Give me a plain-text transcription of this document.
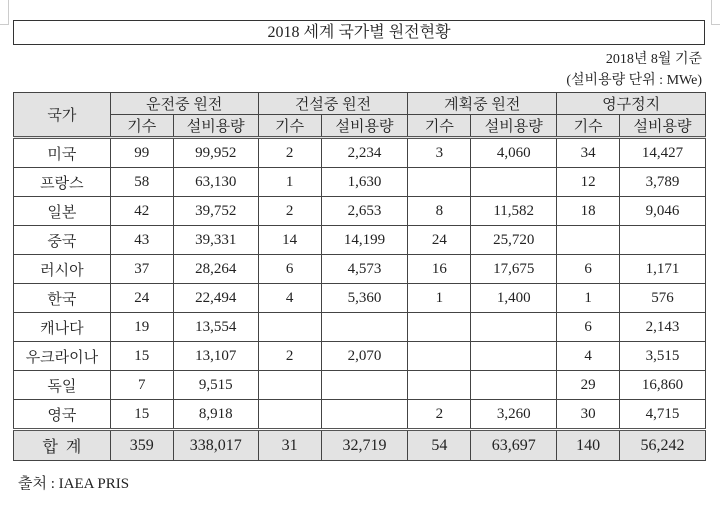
2018 세계 국가별 원전현황
2018년 8월 기준
(설비용량 단위 : MWe)
국가	운전중 원전		건설중 원전		계획중 원전		영구정지	
	기수	설비용량	기수	설비용량	기수	설비용량	기수	설비용량
미국	99	99,952	2	2,234	3	4,060	34	14,427
프랑스	58	63,130	1	1,630			12	3,789
일본	42	39,752	2	2,653	8	11,582	18	9,046
중국	43	39,331	14	14,199	24	25,720		
러시아	37	28,264	6	4,573	16	17,675	6	1,171
한국	24	22,494	4	5,360	1	1,400	1	576
캐나다	19	13,554					6	2,143
우크라이나	15	13,107	2	2,070			4	3,515
독일	7	9,515					29	16,860
영국	15	8,918			2	3,260	30	4,715
합  계	359	338,017	31	32,719	54	63,697	140	56,242
출처 : IAEA PRIS
